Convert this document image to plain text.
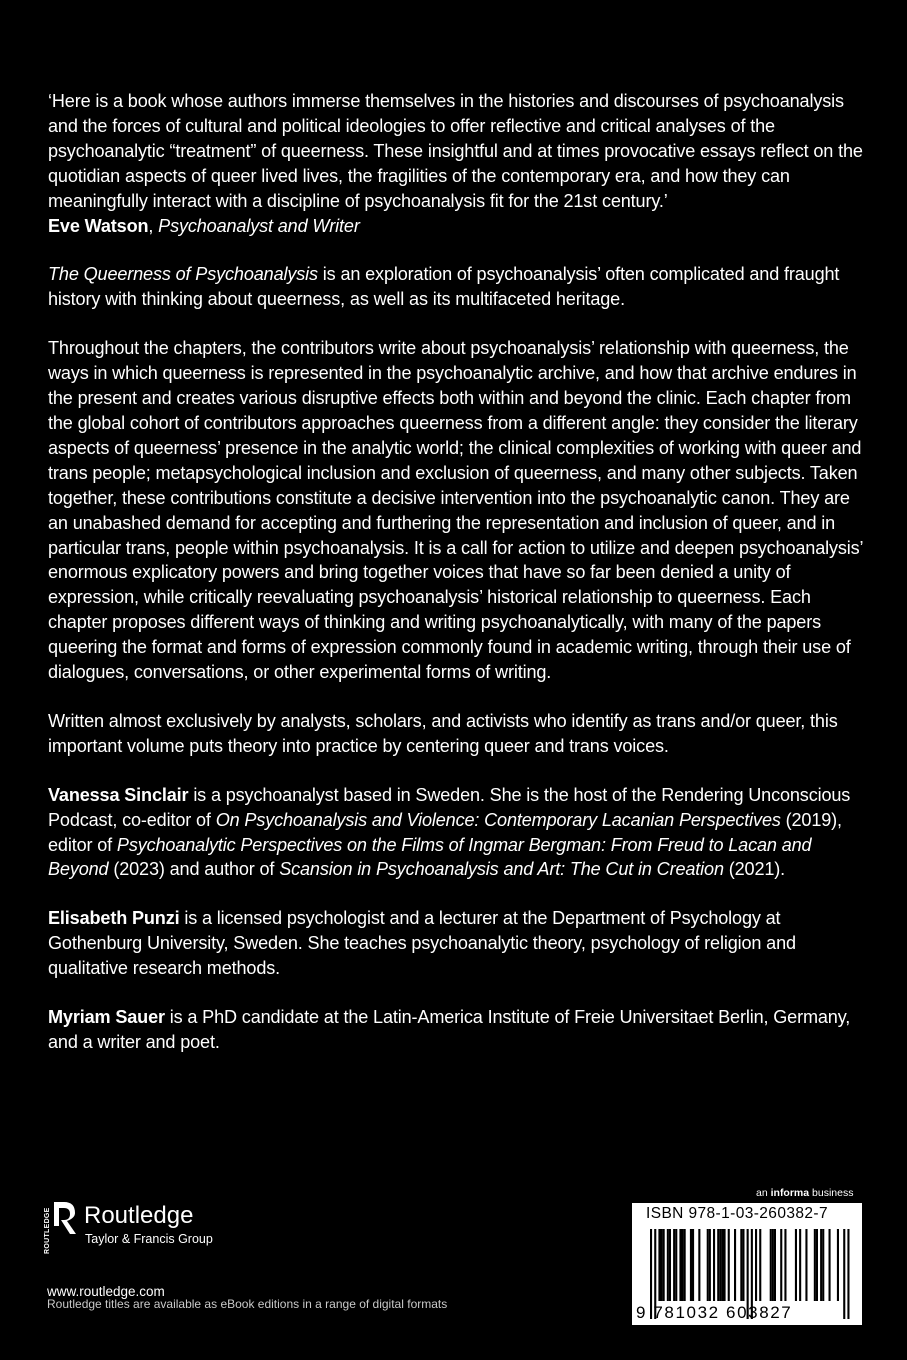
‘Here is a book whose authors immerse themselves in the histories and discourses of psychoanalysis and the forces of cultural and political ideologies to offer reflective and critical analyses of the psychoanalytic “treatment” of queerness. These insightful and at times provocative essays reflect on the quotidian aspects of queer lived lives, the fragilities of the contemporary era, and how they can meaningfully interact with a discipline of psychoanalysis fit for the 21st century.’
Eve Watson, Psychoanalyst and Writer

The Queerness of Psychoanalysis is an exploration of psychoanalysis’ often complicated and fraught history with thinking about queerness, as well as its multifaceted heritage.

Throughout the chapters, the contributors write about psychoanalysis’ relationship with queerness, the ways in which queerness is represented in the psychoanalytic archive, and how that archive endures in the present and creates various disruptive effects both within and beyond the clinic. Each chapter from the global cohort of contributors approaches queerness from a different angle: they consider the literary aspects of queerness’ presence in the analytic world; the clinical complexities of working with queer and trans people; metapsychological inclusion and exclusion of queerness, and many other subjects. Taken together, these contributions constitute a decisive intervention into the psychoanalytic canon. They are an unabashed demand for accepting and furthering the representation and inclusion of queer, and in particular trans, people within psychoanalysis. It is a call for action to utilize and deepen psychoanalysis’ enormous explicatory powers and bring together voices that have so far been denied a unity of expression, while critically reevaluating psychoanalysis’ historical relationship to queerness. Each chapter proposes different ways of thinking and writing psychoanalytically, with many of the papers queering the format and forms of expression commonly found in academic writing, through their use of dialogues, conversations, or other experimental forms of writing.

Written almost exclusively by analysts, scholars, and activists who identify as trans and/or queer, this important volume puts theory into practice by centering queer and trans voices.

Vanessa Sinclair is a psychoanalyst based in Sweden. She is the host of the Rendering Unconscious Podcast, co-editor of On Psychoanalysis and Violence: Contemporary Lacanian Perspectives (2019), editor of Psychoanalytic Perspectives on the Films of Ingmar Bergman: From Freud to Lacan and Beyond (2023) and author of Scansion in Psychoanalysis and Art: The Cut in Creation (2021).

Elisabeth Punzi is a licensed psychologist and a lecturer at the Department of Psychology at Gothenburg University, Sweden. She teaches psychoanalytic theory, psychology of religion and qualitative research methods.

Myriam Sauer is a PhD candidate at the Latin-America Institute of Freie Universitaet Berlin, Germany, and a writer and poet.

ROUTLEDGE Routledge
Taylor & Francis Group
www.routledge.com
Routledge titles are available as eBook editions in a range of digital formats
an informa business
ISBN 978-1-03-260382-7
9 781032 603827
